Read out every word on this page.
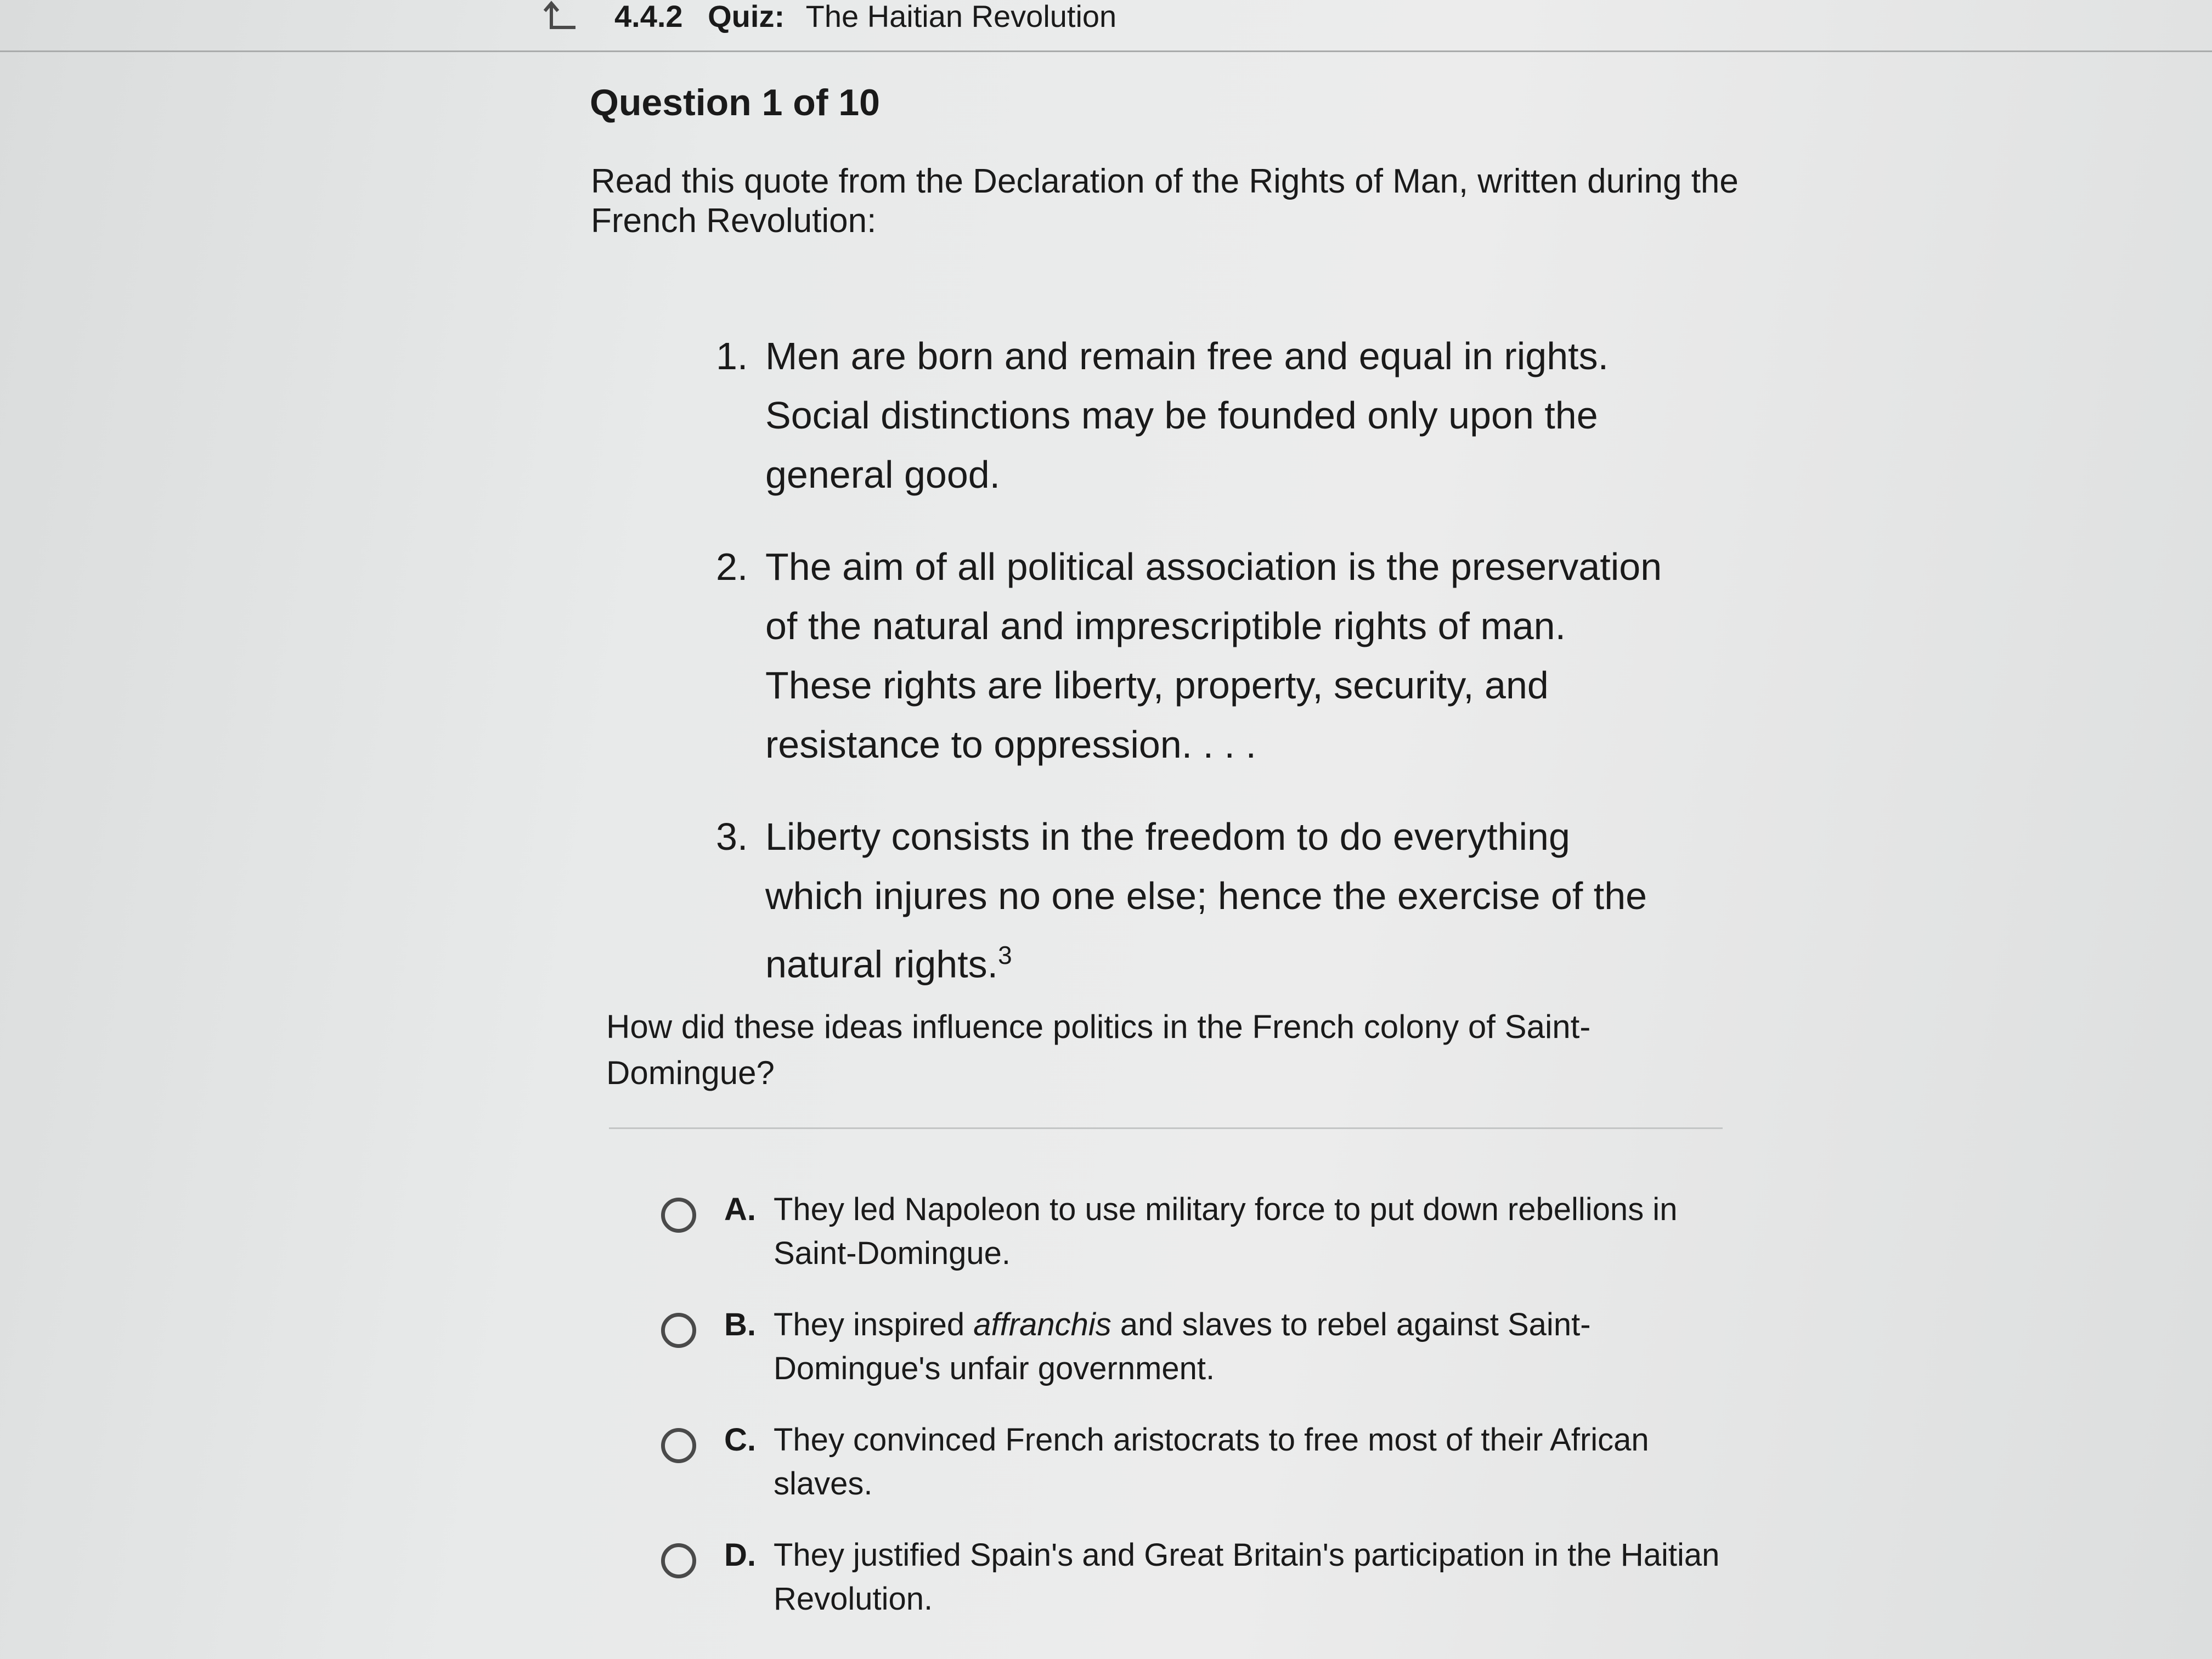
4.4.2 Quiz: The Haitian Revolution
Question 1 of 10
Read this quote from the Declaration of the Rights of Man, written during the French Revolution:
1. Men are born and remain free and equal in rights. Social distinctions may be founded only upon the general good.
2. The aim of all political association is the preservation of the natural and imprescriptible rights of man. These rights are liberty, property, security, and resistance to oppression. . . .
3. Liberty consists in the freedom to do everything which injures no one else; hence the exercise of the natural rights.$^3$
How did these ideas influence politics in the French colony of Saint-Domingue?
A. They led Napoleon to use military force to put down rebellions in Saint-Domingue.
B. They inspired affranchis and slaves to rebel against Saint-Domingue's unfair government.
C. They convinced French aristocrats to free most of their African slaves.
D. They justified Spain's and Great Britain's participation in the Haitian Revolution.
